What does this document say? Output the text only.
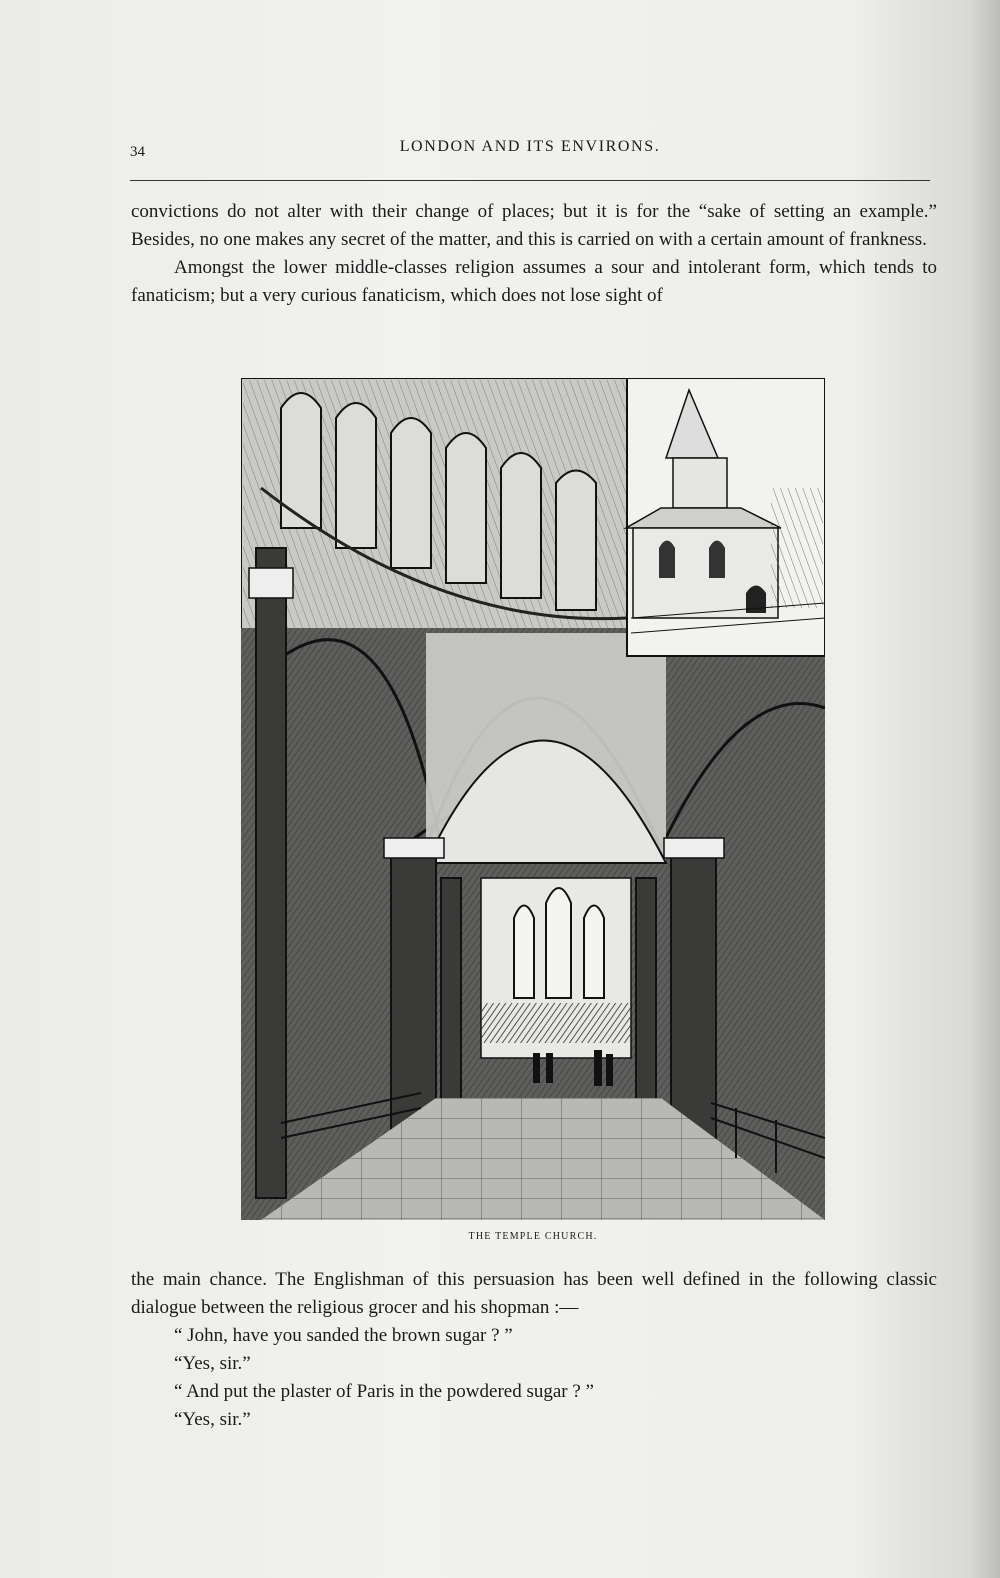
34	LONDON AND ITS ENVIRONS.

convictions do not alter with their change of places; but it is for the “sake of setting an example.” Besides, no one makes any secret of the matter, and this is carried on with a certain amount of frankness.

Amongst the lower middle-classes religion assumes a sour and intolerant form, which tends to fanaticism; but a very curious fanaticism, which does not lose sight of

THE TEMPLE CHURCH.

the main chance. The Englishman of this persuasion has been well defined in the following classic dialogue between the religious grocer and his shopman :—

“ John, have you sanded the brown sugar ? ”

“Yes, sir.”

“ And put the plaster of Paris in the powdered sugar ? ”

“Yes, sir.”
